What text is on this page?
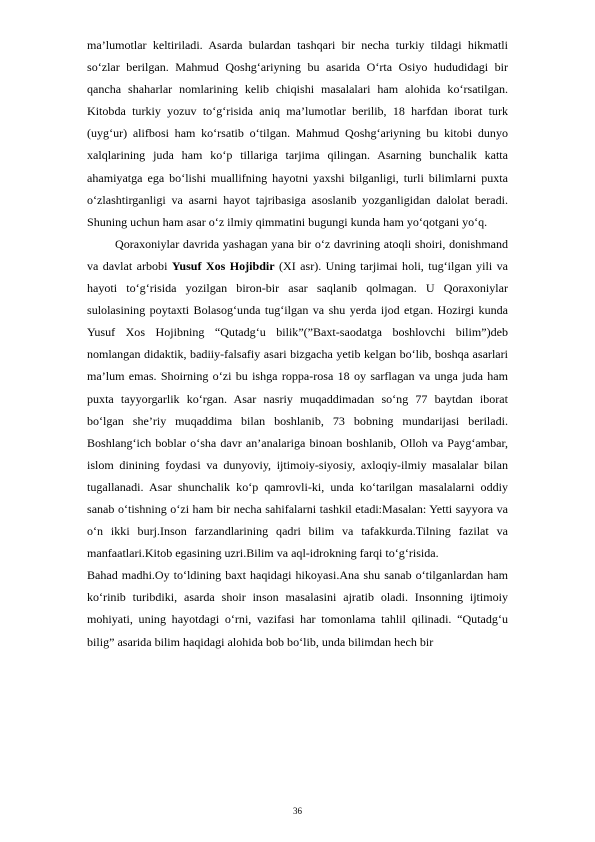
ma’lumotlar keltiriladi. Asarda bulardan tashqari bir necha turkiy tildagi hikmatli so‘zlar berilgan. Mahmud Qoshg‘ariyning bu asarida O‘rta Osiyo hududidagi bir qancha shaharlar nomlarining kelib chiqishi masalalari ham alohida ko‘rsatilgan. Kitobda turkiy yozuv to‘g‘risida aniq ma’lumotlar berilib, 18 harfdan iborat turk (uyg‘ur) alifbosi ham ko‘rsatib o‘tilgan. Mahmud Qoshg‘ariyning bu kitobi dunyo xalqlarining juda ham ko‘p tillariga tarjima qilingan. Asarning bunchalik katta ahamiyatga ega bo‘lishi muallifning hayotni yaxshi bilganligi, turli bilimlarni puxta o‘zlashtirganligi va asarni hayot tajribasiga asoslanib yozganligidan dalolat beradi. Shuning uchun ham asar o‘z ilmiy qimmatini bugungi kunda ham yo‘qotgani yo‘q.

Qoraxoniylar davrida yashagan yana bir o‘z davrining atoqli shoiri, donishmand va davlat arbobi Yusuf Xos Hojibdir (XI asr). Uning tarjimai holi, tug‘ilgan yili va hayoti to‘g‘risida yozilgan biron-bir asar saqlanib qolmagan. U Qoraxoniylar sulolasining poytaxti Bolasog‘unda tug‘ilgan va shu yerda ijod etgan. Hozirgi kunda Yusuf Xos Hojibning “Qutadg‘u bilik”(”Baxt-saodatga boshlovchi bilim”)deb nomlangan didaktik, badiiy-falsafiy asari bizgacha yetib kelgan bo‘lib, boshqa asarlari ma’lum emas. Shoirning o‘zi bu ishga roppa-rosa 18 oy sarflagan va unga juda ham puxta tayyorgarlik ko‘rgan. Asar nasriy muqaddimadan so‘ng 77 baytdan iborat bo‘lgan she’riy muqaddima bilan boshlanib, 73 bobning mundarijasi beriladi. Boshlang‘ich boblar o‘sha davr an’analariga binoan boshlanib, Olloh va Payg‘ambar, islom dinining foydasi va dunyoviy, ijtimoiy-siyosiy, axloqiy-ilmiy masalalar bilan tugallanadi. Asar shunchalik ko‘p qamrovli-ki, unda ko‘tarilgan masalalarni oddiy sanab o‘tishning o‘zi ham bir necha sahifalarni tashkil etadi:Masalan: Yetti sayyora va o‘n ikki burj.Inson farzandlarining qadri bilim va tafakkurda.Tilning fazilat va manfaatlari.Kitob egasining uzri.Bilim va aql-idrokning farqi to‘g‘risida.

Bahad madhi.Oy to‘ldining baxt haqidagi hikoyasi.Ana shu sanab o‘tilganlardan ham ko‘rinib turibdiki, asarda shoir inson masalasini ajratib oladi. Insonning ijtimoiy mohiyati, uning hayotdagi o‘rni, vazifasi har tomonlama tahlil qilinadi. “Qutadg‘u bilig” asarida bilim haqidagi alohida bob bo‘lib, unda bilimdan hech bir

36
